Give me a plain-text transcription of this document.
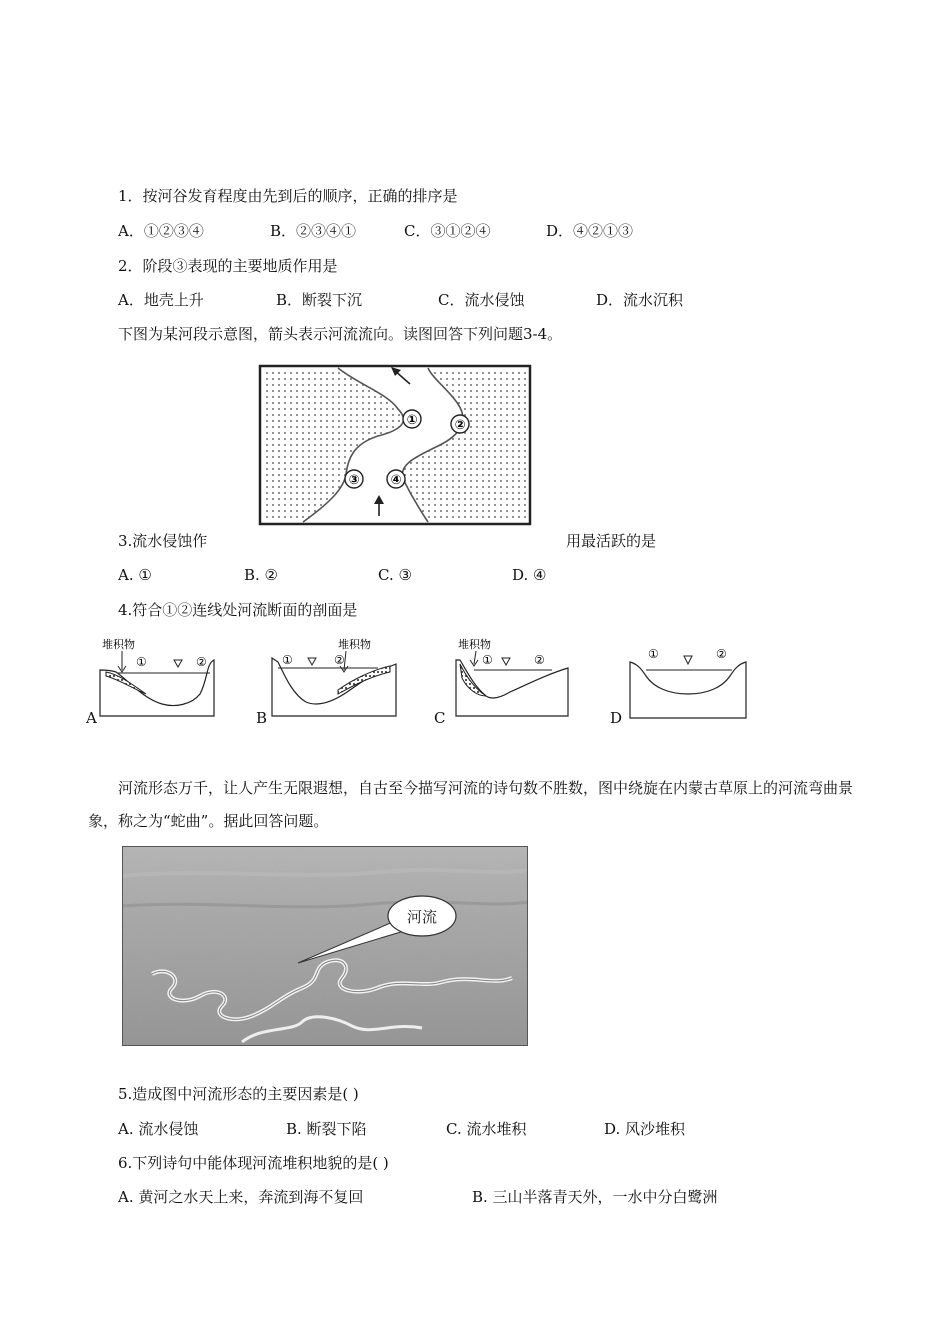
1．按河谷发育程度由先到后的顺序，正确的排序是
A．①②③④	B．②③④①	C．③①②④	D．④②①③
2．阶段③表现的主要地质作用是
A．地壳上升	B．断裂下沉	C．流水侵蚀	D．流水沉积
下图为某河段示意图，箭头表示河流流向。读图回答下列问题3-4。
①	②
③ ④
3.流水侵蚀作	用最活跃的是
A. ①	B. ②	C. ③	D. ④
4.符合①②连线处河流断面的剖面是
堆积物
①	②
A
堆积物
①	②
B
堆积物
①	②
C
①	②
D
河流形态万千，让人产生无限遐想，自古至今描写河流的诗句数不胜数，图中绕旋在内蒙古草原上的河流弯曲景象，称之为“蛇曲”。据此回答问题。
河流
5.造成图中河流形态的主要因素是( )
A. 流水侵蚀	B. 断裂下陷	C. 流水堆积	D. 风沙堆积
6.下列诗句中能体现河流堆积地貌的是( )
A. 黄河之水天上来，奔流到海不复回	B. 三山半落青天外，一水中分白鹭洲
